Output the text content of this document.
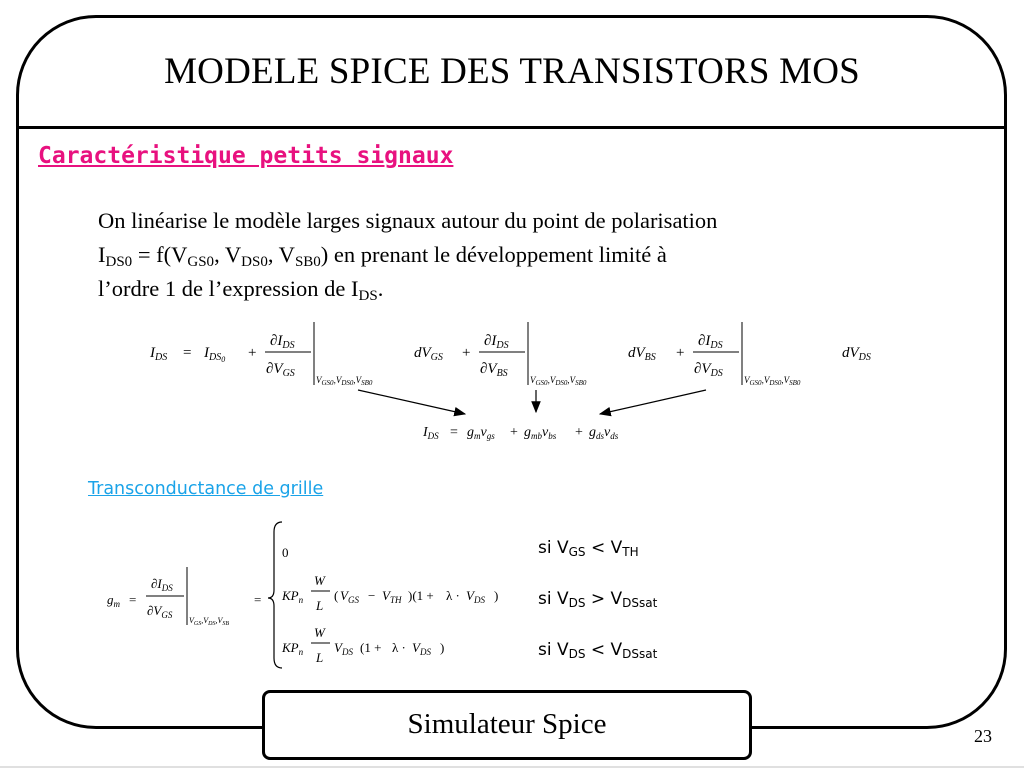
MODELE SPICE DES TRANSISTORS MOS
Caractéristique petits signaux
On linéarise le modèle larges signaux autour du point de polarisation
$I_{DS0} = f(V_{GS0}$, $V_{DS0}$, $V_{SB0}$) en prenant le développement limité à
l’ordre 1 de l’expression de $I_{DS}$.
$I_{DS} = I_{DS}0$ +
$\partial I_{DS}$
$\partial V_{GS}$
$V_{GS0},V_{DS0},V_{SB0}$
$dV_{GS}$ +
$\partial I_{DS}$
$\partial V_{BS}$
$V_{GS0},V_{DS0},V_{SB0}$
$dV_{BS}$ +
$\partial I_{DS}$
$\partial V_{DS}$
$V_{GS0},V_{DS0},V_{SB0}$
$dV_{DS}$
$I_{DS} = g_mv_{gs} + g_{mb}v_{bs} + g_{ds}v_{ds}$
$g_m$ =
$\partial I_{DS}$
$\partial V_{GS}$
$V_{GS},V_{DS},V_{SB}$
=
0
$KP_n$
W
L
( $V_{GS} - V_{TH}$ )($1 + \lambda \cdot V_{DS}$ )
$KP_n$
W
L
$V_{DS}$ ($1 + \lambda \cdot V_{DS}$ )
Transconductance de grille
si $V_{GS} < V_{TH}$
si $V_{DS} > V_{DSsat}$
si $V_{DS} < V_{DSsat}$
Simulateur Spice	23
